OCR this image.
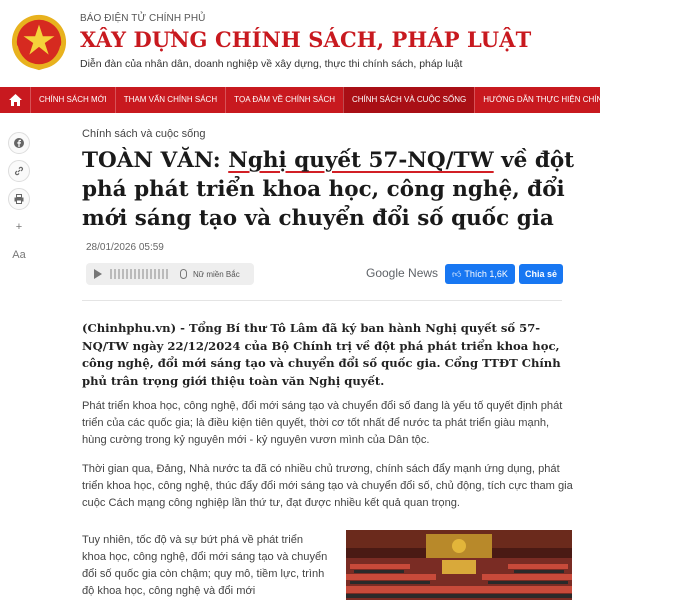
BÁO ĐIỆN TỬ CHÍNH PHỦ
XÂY DỰNG CHÍNH SÁCH, PHÁP LUẬT
Diễn đàn của nhân dân, doanh nghiệp về xây dựng, thực thi chính sách, pháp luật
CHÍNH SÁCH MỚI	THAM VẤN CHÍNH SÁCH	TỌA ĐÀM VỀ CHÍNH SÁCH	CHÍNH SÁCH VÀ CUỘC SỐNG	HƯỚNG DẪN THỰC HIỆN CHÍNH SÁCH	PHÁT
+
Aa
Chính sách và cuộc sống
TOÀN VĂN: Nghị quyết 57-NQ/TW về đột phá phát triển khoa học, công nghệ, đổi mới sáng tạo và chuyển đổi số quốc gia
28/01/2026 05:59
Nữ miền Bắc	Google News 👍︎ Thích 1,6K	Chia sẻ

(Chinhphu.vn) - Tổng Bí thư Tô Lâm đã ký ban hành Nghị quyết số 57-NQ/TW ngày 22/12/2024 của Bộ Chính trị về đột phá phát triển khoa học, công nghệ, đổi mới sáng tạo và chuyển đổi số quốc gia. Cổng TTĐT Chính phủ trân trọng giới thiệu toàn văn Nghị quyết.

Phát triển khoa học, công nghệ, đổi mới sáng tạo và chuyển đổi số đang là yếu tố quyết định phát triển của các quốc gia; là điều kiện tiên quyết, thời cơ tốt nhất để nước ta phát triển giàu mạnh, hùng cường trong kỷ nguyên mới - kỷ nguyên vươn mình của Dân tộc.

Thời gian qua, Đảng, Nhà nước ta đã có nhiều chủ trương, chính sách đẩy mạnh ứng dụng, phát triển khoa học, công nghệ, thúc đẩy đổi mới sáng tạo và chuyển đổi số, chủ động, tích cực tham gia cuộc Cách mạng công nghiệp lần thứ tư, đạt được nhiều kết quả quan trọng.

Tuy nhiên, tốc độ và sự bứt phá về phát triển khoa học, công nghệ, đổi mới sáng tạo và chuyển đổi số quốc gia còn chậm; quy mô, tiềm lực, trình độ khoa học, công nghệ và đổi mới
